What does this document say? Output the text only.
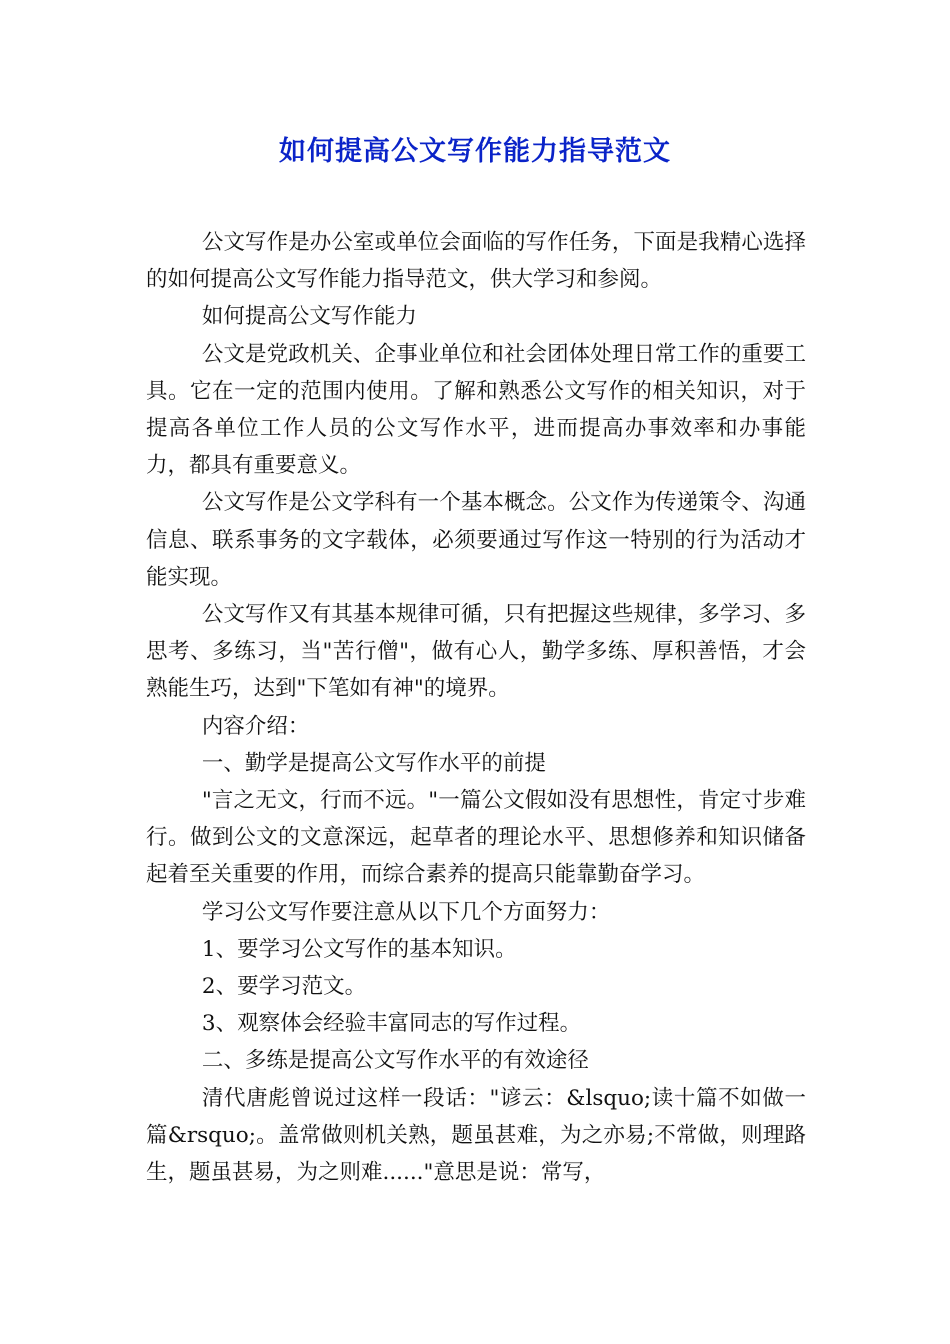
如何提高公文写作能力指导范文

公文写作是办公室或单位会面临的写作任务，下面是我精心选择的如何提高公文写作能力指导范文，供大学习和参阅。

如何提高公文写作能力

公文是党政机关、企事业单位和社会团体处理日常工作的重要工具。它在一定的范围内使用。了解和熟悉公文写作的相关知识，对于提高各单位工作人员的公文写作水平，进而提高办事效率和办事能力，都具有重要意义。

公文写作是公文学科有一个基本概念。公文作为传递策令、沟通信息、联系事务的文字载体，必须要通过写作这一特别的行为活动才能实现。

公文写作又有其基本规律可循，只有把握这些规律，多学习、多思考、多练习，当"苦行僧"，做有心人，勤学多练、厚积善悟，才会熟能生巧，达到"下笔如有神"的境界。

内容介绍：

一、勤学是提高公文写作水平的前提

"言之无文，行而不远。"一篇公文假如没有思想性，肯定寸步难行。做到公文的文意深远，起草者的理论水平、思想修养和知识储备起着至关重要的作用，而综合素养的提高只能靠勤奋学习。

学习公文写作要注意从以下几个方面努力：

1、要学习公文写作的基本知识。

2、要学习范文。

3、观察体会经验丰富同志的写作过程。

二、多练是提高公文写作水平的有效途径

清代唐彪曾说过这样一段话："谚云：&lsquo;读十篇不如做一篇&rsquo;。盖常做则机关熟，题虽甚难，为之亦易;不常做，则理路生，题虽甚易，为之则难......"意思是说：常写，
